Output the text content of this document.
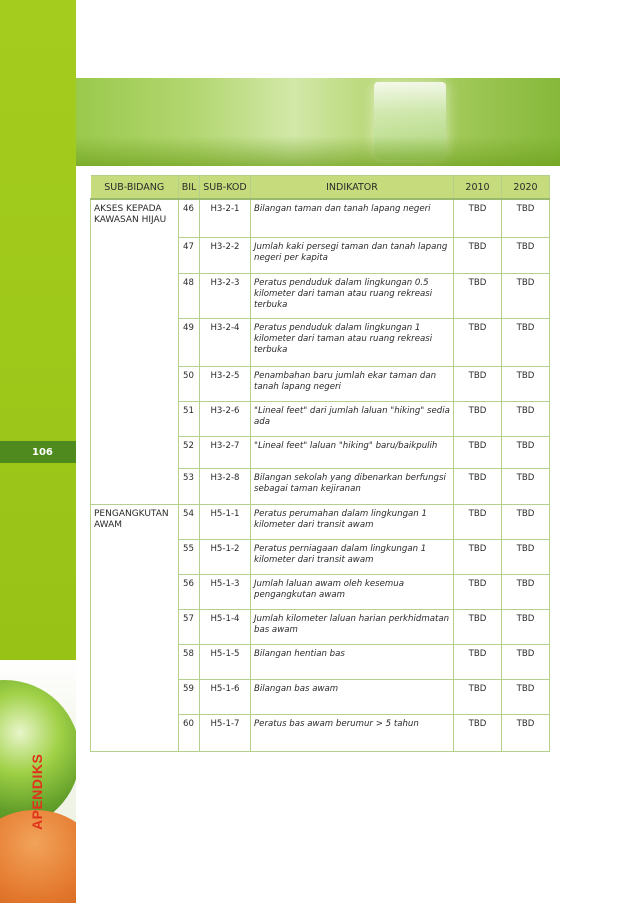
106
APENDIKS
SUB-BIDANG	BIL	SUB-KOD	INDIKATOR	2010	2020
AKSES KEPADA KAWASAN HIJAU	46	H3-2-1	Bilangan taman dan tanah lapang negeri	TBD	TBD
	47	H3-2-2	Jumlah kaki persegi taman dan tanah lapang negeri per kapita	TBD	TBD
	48	H3-2-3	Peratus penduduk dalam lingkungan 0.5 kilometer dari taman atau ruang rekreasi terbuka	TBD	TBD
	49	H3-2-4	Peratus penduduk dalam lingkungan 1 kilometer dari taman atau ruang rekreasi terbuka	TBD	TBD
	50	H3-2-5	Penambahan baru jumlah ekar taman dan tanah lapang negeri	TBD	TBD
	51	H3-2-6	"Lineal feet" dari jumlah laluan "hiking" sedia ada	TBD	TBD
	52	H3-2-7	"Lineal feet" laluan "hiking" baru/baikpulih	TBD	TBD
	53	H3-2-8	Bilangan sekolah yang dibenarkan berfungsi sebagai taman kejiranan	TBD	TBD
PENGANGKUTAN AWAM	54	H5-1-1	Peratus perumahan dalam lingkungan 1 kilometer dari transit awam	TBD	TBD
	55	H5-1-2	Peratus perniagaan dalam lingkungan 1 kilometer dari transit awam	TBD	TBD
	56	H5-1-3	Jumlah laluan awam oleh kesemua pengangkutan awam	TBD	TBD
	57	H5-1-4	Jumlah kilometer laluan harian perkhidmatan bas awam	TBD	TBD
	58	H5-1-5	Bilangan hentian bas	TBD	TBD
	59	H5-1-6	Bilangan bas awam	TBD	TBD
	60	H5-1-7	Peratus bas awam berumur > 5 tahun	TBD	TBD
